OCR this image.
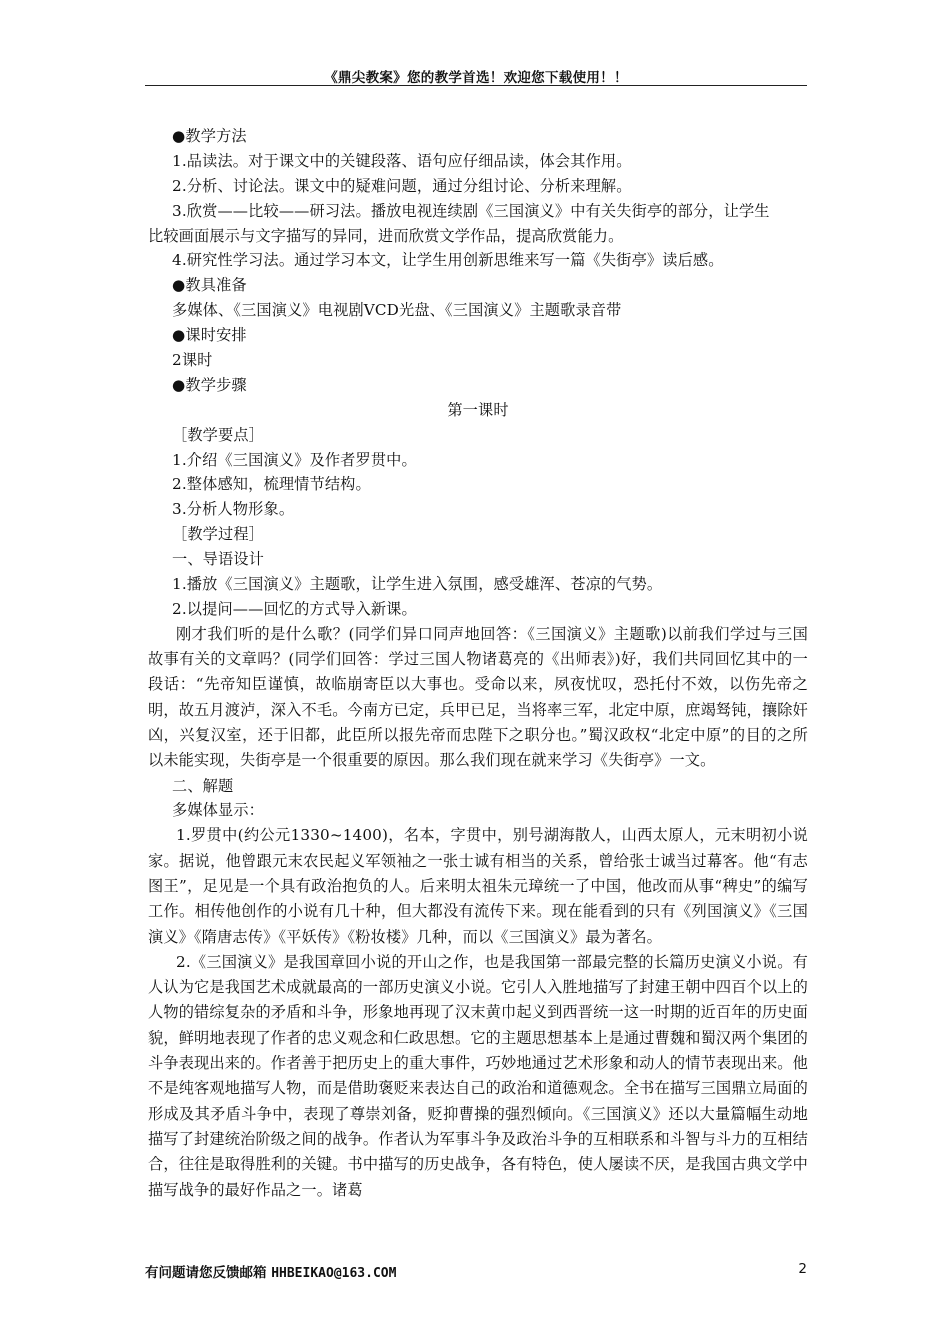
《鼎尖教案》您的教学首选！欢迎您下载使用！！
●教学方法
1.品读法。对于课文中的关键段落、语句应仔细品读，体会其作用。
2.分析、讨论法。课文中的疑难问题，通过分组讨论、分析来理解。
3.欣赏——比较——研习法。播放电视连续剧《三国演义》中有关失街亭的部分，让学生
比较画面展示与文字描写的异同，进而欣赏文学作品，提高欣赏能力。
4.研究性学习法。通过学习本文，让学生用创新思维来写一篇《失街亭》读后感。
●教具准备
多媒体、《三国演义》电视剧VCD光盘、《三国演义》主题歌录音带
●课时安排
2课时
●教学步骤
第一课时
［教学要点］
1.介绍《三国演义》及作者罗贯中。
2.整体感知，梳理情节结构。
3.分析人物形象。
［教学过程］
一、导语设计
1.播放《三国演义》主题歌，让学生进入氛围，感受雄浑、苍凉的气势。
2.以提问——回忆的方式导入新课。

刚才我们听的是什么歌？(同学们异口同声地回答：《三国演义》主题歌)以前我们学过与三国故事有关的文章吗？(同学们回答：学过三国人物诸葛亮的《出师表》)好，我们共同回忆其中的一段话：“先帝知臣谨慎，故临崩寄臣以大事也。受命以来，夙夜忧叹，恐托付不效，以伤先帝之明，故五月渡泸，深入不毛。今南方已定，兵甲已足，当将率三军，北定中原，庶竭驽钝，攘除奸凶，兴复汉室，还于旧都，此臣所以报先帝而忠陛下之职分也。”蜀汉政权“北定中原”的目的之所以未能实现，失街亭是一个很重要的原因。那么我们现在就来学习《失街亭》一文。

二、解题
多媒体显示：

1.罗贯中(约公元1330~1400)，名本，字贯中，别号湖海散人，山西太原人，元末明初小说家。据说，他曾跟元末农民起义军领袖之一张士诚有相当的关系，曾给张士诚当过幕客。他“有志图王”，足见是一个具有政治抱负的人。后来明太祖朱元璋统一了中国，他改而从事“稗史”的编写工作。相传他创作的小说有几十种，但大都没有流传下来。现在能看到的只有《列国演义》《三国演义》《隋唐志传》《平妖传》《粉妆楼》几种，而以《三国演义》最为著名。

2.《三国演义》是我国章回小说的开山之作，也是我国第一部最完整的长篇历史演义小说。有人认为它是我国艺术成就最高的一部历史演义小说。它引人入胜地描写了封建王朝中四百个以上的人物的错综复杂的矛盾和斗争，形象地再现了汉末黄巾起义到西晋统一这一时期的近百年的历史面貌，鲜明地表现了作者的忠义观念和仁政思想。它的主题思想基本上是通过曹魏和蜀汉两个集团的斗争表现出来的。作者善于把历史上的重大事件，巧妙地通过艺术形象和动人的情节表现出来。他不是纯客观地描写人物，而是借助褒贬来表达自己的政治和道德观念。全书在描写三国鼎立局面的形成及其矛盾斗争中，表现了尊崇刘备，贬抑曹操的强烈倾向。《三国演义》还以大量篇幅生动地描写了封建统治阶级之间的战争。作者认为军事斗争及政治斗争的互相联系和斗智与斗力的互相结合，往往是取得胜利的关键。书中描写的历史战争，各有特色，使人屡读不厌，是我国古典文学中描写战争的最好作品之一。诸葛

有问题请您反馈邮箱 HHBEIKAO@163.COM	2
